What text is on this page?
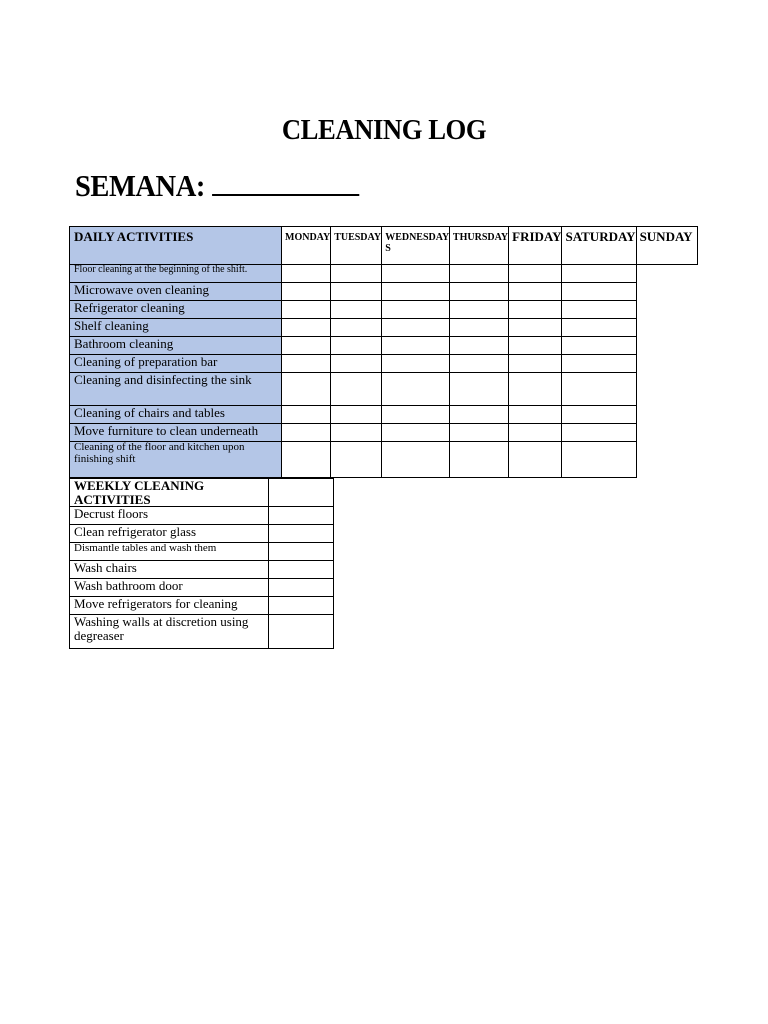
CLEANING LOG
SEMANA:
DAILY ACTIVITIES	MONDAY	TUESDAY	WEDNESDAY S	THURSDAY	FRIDAY	SATURDAY	SUNDAY
Floor cleaning at the beginning of the shift.							
Microwave oven cleaning							
Refrigerator cleaning							
Shelf cleaning							
Bathroom cleaning							
Cleaning of preparation bar							
Cleaning and disinfecting the sink							
Cleaning of chairs and tables							
Move furniture to clean underneath							
Cleaning of the floor and kitchen upon finishing shift							
WEEKLY CLEANING ACTIVITIES	
Decrust floors	
Clean refrigerator glass	
Dismantle tables and wash them	
Wash chairs	
Wash bathroom door	
Move refrigerators for cleaning	
Washing walls at discretion using degreaser	
